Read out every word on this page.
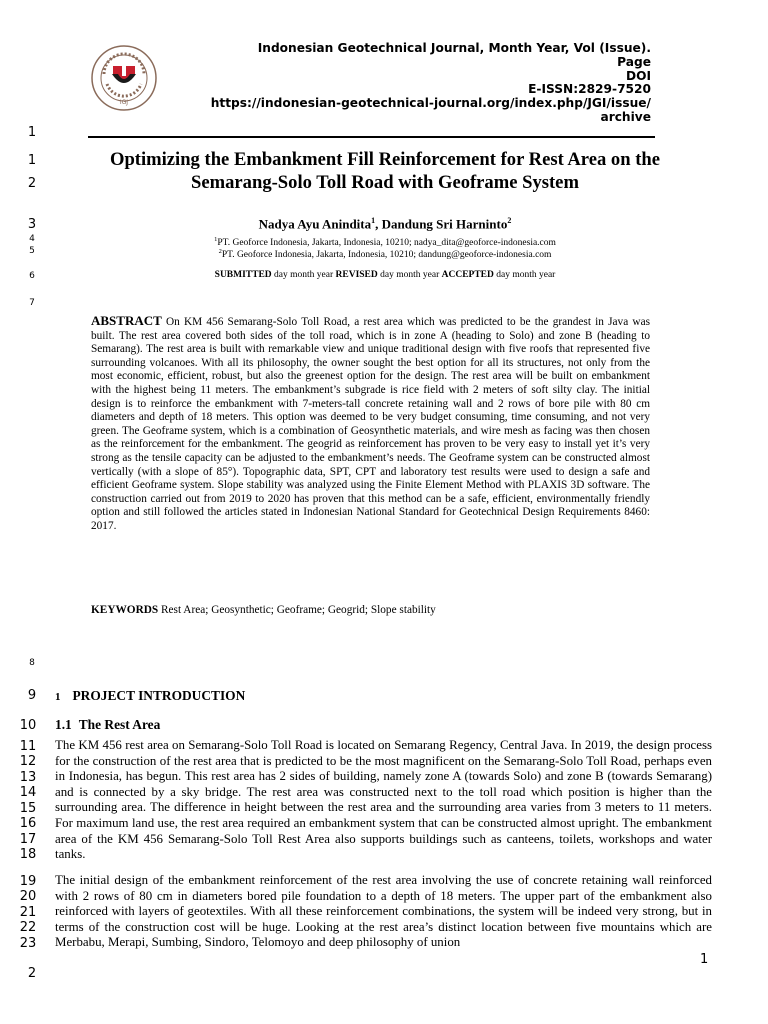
IGJ
Indonesian Geotechnical Journal, Month Year, Vol (Issue).
Page
DOI
E-ISSN:2829-7520
https://indonesian-geotechnical-journal.org/index.php/JGI/issue/
archive
1
1
2
3
4
5
6
7
8
9
10
11
12
13
14
15
16
17
18
19
20
21
22
23
2
Optimizing the Embankment Fill Reinforcement for Rest Area on the
Semarang-Solo Toll Road with Geoframe System
Nadya Ayu Anindita$^1$, Dandung Sri Harninto$^2$
$^1$PT. Geoforce Indonesia, Jakarta, Indonesia, 10210; nadya_dita@geoforce-indonesia.com
$^2$PT. Geoforce Indonesia, Jakarta, Indonesia, 10210; dandung@geoforce-indonesia.com
SUBMITTED day month year REVISED day month year ACCEPTED day month year
ABSTRACT On KM 456 Semarang-Solo Toll Road, a rest area which was predicted to be the grandest in Java was built. The rest area covered both sides of the toll road, which is in zone A (heading to Solo) and zone B (heading to Semarang). The rest area is built with remarkable view and unique traditional design with five roofs that represented five surrounding volcanoes. With all its philosophy, the owner sought the best option for all its structures, not only from the most economic, efficient, robust, but also the greenest option for the design. The rest area will be built on embankment with the highest being 11 meters. The embankment’s subgrade is rice field with 2 meters of soft silty clay. The initial design is to reinforce the embankment with 7-meters-tall concrete retaining wall and 2 rows of bore pile with 80 cm diameters and depth of 18 meters. This option was deemed to be very budget consuming, time consuming, and not very green. The Geoframe system, which is a combination of Geosynthetic materials, and wire mesh as facing was then chosen as the reinforcement for the embankment. The geogrid as reinforcement has proven to be very easy to install yet it’s very strong as the tensile capacity can be adjusted to the embankment’s needs. The Geoframe system can be constructed almost vertically (with a slope of 85°). Topographic data, SPT, CPT and laboratory test results were used to design a safe and efficient Geoframe system. Slope stability was analyzed using the Finite Element Method with PLAXIS 3D software. The construction carried out from 2019 to 2020 has proven that this method can be a safe, efficient, environmentally friendly option and still followed the articles stated in Indonesian National Standard for Geotechnical Design Requirements 8460: 2017.
KEYWORDS Rest Area; Geosynthetic; Geoframe; Geogrid; Slope stability
1 PROJECT INTRODUCTION
1.1 The Rest Area
The KM 456 rest area on Semarang-Solo Toll Road is located on Semarang Regency, Central Java. In 2019, the design process for the construction of the rest area that is predicted to be the most magnificent on the Semarang-Solo Toll Road, perhaps even in Indonesia, has begun. This rest area has 2 sides of building, namely zone A (towards Solo) and zone B (towards Semarang) and is connected by a sky bridge. The rest area was constructed next to the toll road which position is higher than the surrounding area. The difference in height between the rest area and the surrounding area varies from 3 meters to 11 meters. For maximum land use, the rest area required an embankment system that can be constructed almost upright. The embankment area of the KM 456 Semarang-Solo Toll Rest Area also supports buildings such as canteens, toilets, workshops and water tanks.
The initial design of the embankment reinforcement of the rest area involving the use of concrete retaining wall reinforced with 2 rows of 80 cm in diameters bored pile foundation to a depth of 18 meters. The upper part of the embankment also reinforced with layers of geotextiles. With all these reinforcement combinations, the system will be indeed very strong, but in terms of the construction cost will be huge. Looking at the rest area’s distinct location between five mountains which are Merbabu, Merapi, Sumbing, Sindoro, Telomoyo and deep philosophy of union
1
